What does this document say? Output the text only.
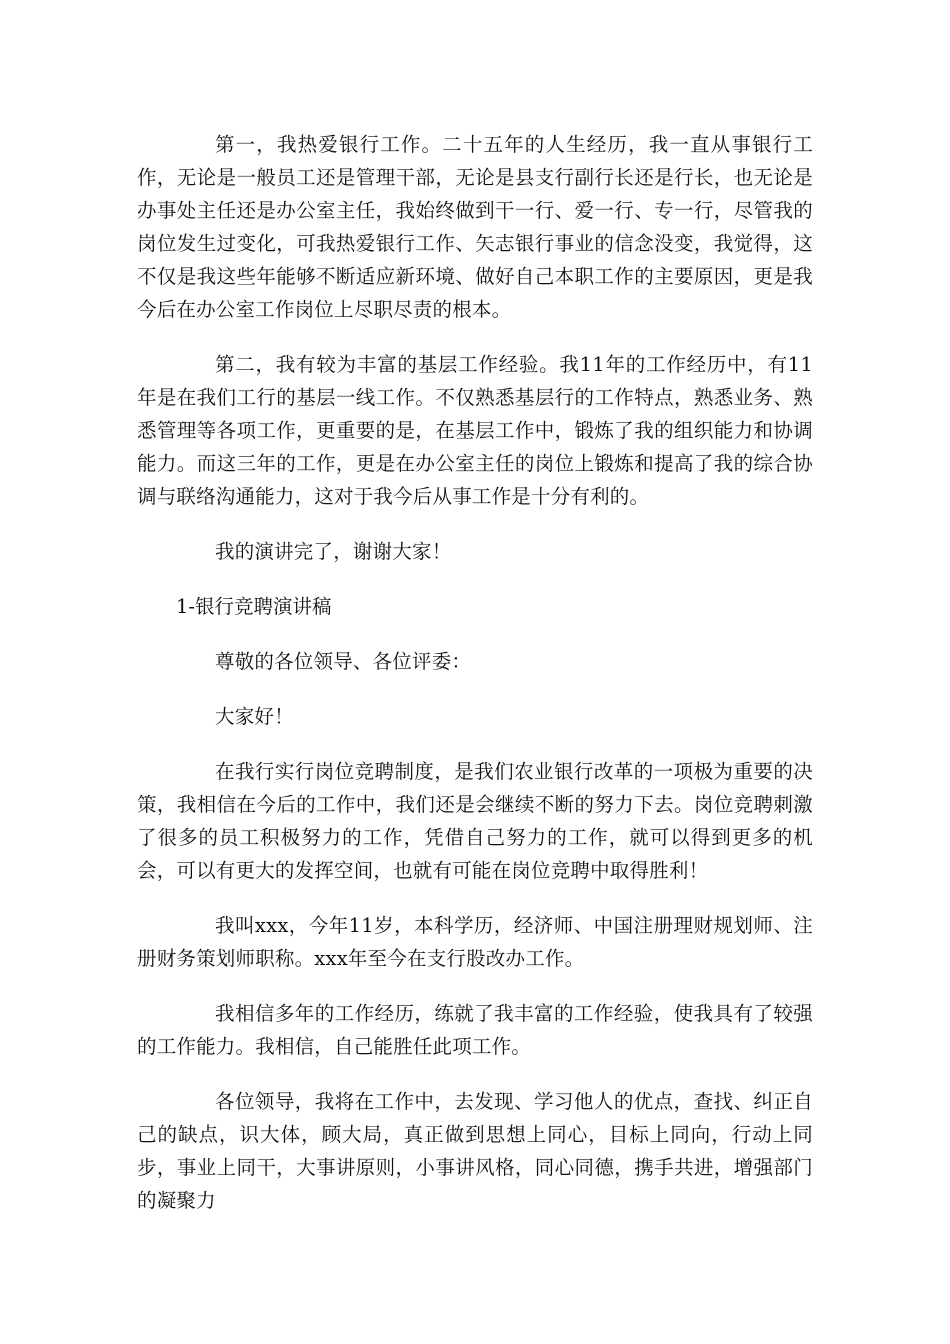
第一，我热爱银行工作。二十五年的人生经历，我一直从事银行工作，无论是一般员工还是管理干部，无论是县支行副行长还是行长，也无论是办事处主任还是办公室主任，我始终做到干一行、爱一行、专一行，尽管我的岗位发生过变化，可我热爱银行工作、矢志银行事业的信念没变，我觉得，这不仅是我这些年能够不断适应新环境、做好自己本职工作的主要原因，更是我今后在办公室工作岗位上尽职尽责的根本。

第二，我有较为丰富的基层工作经验。我11年的工作经历中，有11年是在我们工行的基层一线工作。不仅熟悉基层行的工作特点，熟悉业务、熟悉管理等各项工作，更重要的是，在基层工作中，锻炼了我的组织能力和协调能力。而这三年的工作，更是在办公室主任的岗位上锻炼和提高了我的综合协调与联络沟通能力，这对于我今后从事工作是十分有利的。

我的演讲完了，谢谢大家！

1-银行竞聘演讲稿

尊敬的各位领导、各位评委：

大家好！

在我行实行岗位竞聘制度，是我们农业银行改革的一项极为重要的决策，我相信在今后的工作中，我们还是会继续不断的努力下去。岗位竞聘刺激了很多的员工积极努力的工作，凭借自己努力的工作，就可以得到更多的机会，可以有更大的发挥空间，也就有可能在岗位竞聘中取得胜利！

我叫xxx，今年11岁，本科学历，经济师、中国注册理财规划师、注册财务策划师职称。xxx年至今在支行股改办工作。

我相信多年的工作经历，练就了我丰富的工作经验，使我具有了较强的工作能力。我相信，自己能胜任此项工作。

各位领导，我将在工作中，去发现、学习他人的优点，查找、纠正自己的缺点，识大体，顾大局，真正做到思想上同心，目标上同向，行动上同步，事业上同干，大事讲原则，小事讲风格，同心同德，携手共进，增强部门的凝聚力
